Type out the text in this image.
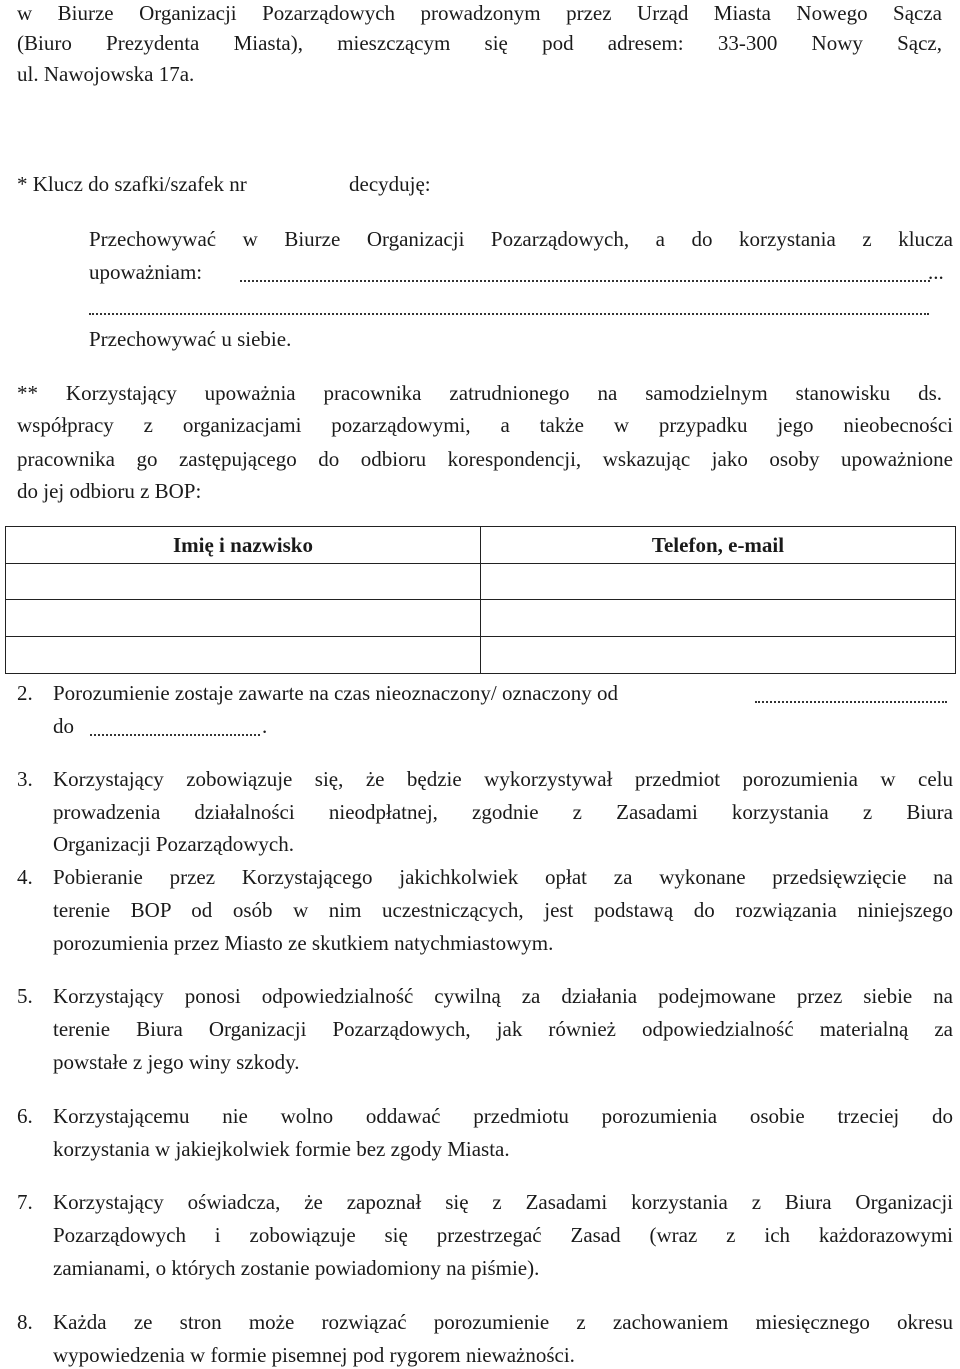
w Biurze Organizacji Pozarządowych prowadzonym przez Urząd Miasta Nowego Sącza
(Biuro Prezydenta Miasta), mieszczącym się pod adresem: 33-300 Nowy Sącz,
ul. Nawojowska 17a.
* Klucz do szafki/szafek nr	decyduję:
Przechowywać w Biurze Organizacji Pozarządowych, a do korzystania z klucza
upoważniam:	...
Przechowywać u siebie.
** Korzystający upoważnia pracownika zatrudnionego na samodzielnym stanowisku ds.
współpracy z organizacjami pozarządowymi, a także w przypadku jego nieobecności
pracownika go zastępującego do odbioru korespondencji, wskazując jako osoby upoważnione
do jej odbioru z BOP:
Imię i nazwisko	Telefon, e-mail
2. Porozumienie zostaje zawarte na czas nieoznaczony/ oznaczony od
do	.
3. Korzystający zobowiązuje się, że będzie wykorzystywał przedmiot porozumienia w celu
prowadzenia działalności nieodpłatnej, zgodnie z Zasadami korzystania z Biura
Organizacji Pozarządowych.
4. Pobieranie przez Korzystającego jakichkolwiek opłat za wykonane przedsięwzięcie na
terenie BOP od osób w nim uczestniczących, jest podstawą do rozwiązania niniejszego
porozumienia przez Miasto ze skutkiem natychmiastowym.
5. Korzystający ponosi odpowiedzialność cywilną za działania podejmowane przez siebie na
terenie Biura Organizacji Pozarządowych, jak również odpowiedzialność materialną za
powstałe z jego winy szkody.
6. Korzystającemu nie wolno oddawać przedmiotu porozumienia osobie trzeciej do
korzystania w jakiejkolwiek formie bez zgody Miasta.
7. Korzystający oświadcza, że zapoznał się z Zasadami korzystania z Biura Organizacji
Pozarządowych i zobowiązuje się przestrzegać Zasad (wraz z ich każdorazowymi
zamianami, o których zostanie powiadomiony na piśmie).
8. Każda ze stron może rozwiązać porozumienie z zachowaniem miesięcznego okresu
wypowiedzenia w formie pisemnej pod rygorem nieważności.
